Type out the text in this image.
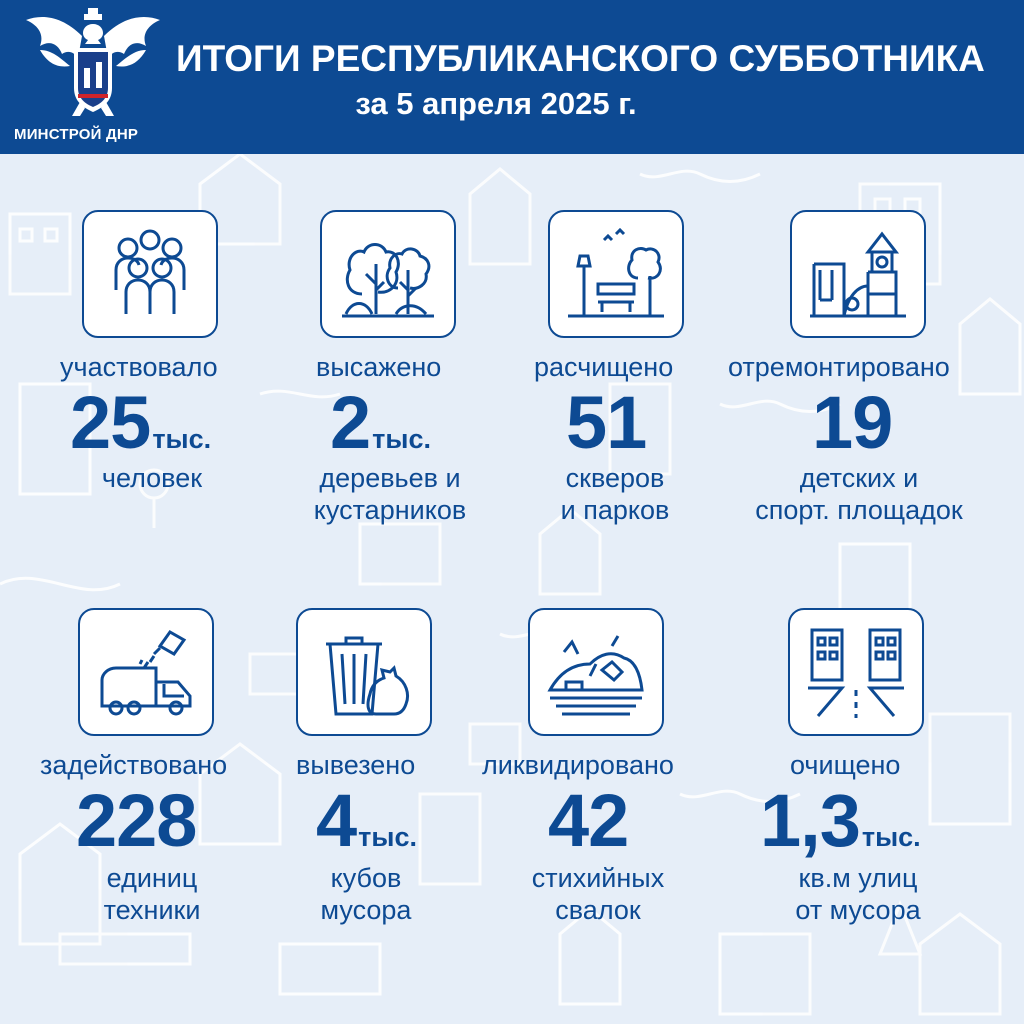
МИНСТРОЙ ДНР
ИТОГИ РЕСПУБЛИКАНСКОГО СУББОТНИКА
за 5 апреля 2025 г.
участвовало
25тыс.
человек
высажено
2тыс.
деревьев и
кустарников
расчищено
51
скверов
и парков
отремонтировано
19
детских и
спорт. площадок
задействовано
228
единиц
техники
вывезено
4тыс.
кубов
мусора
ликвидировано
42
стихийных
свалок
очищено
1,3тыс.
кв.м улиц
от мусора
